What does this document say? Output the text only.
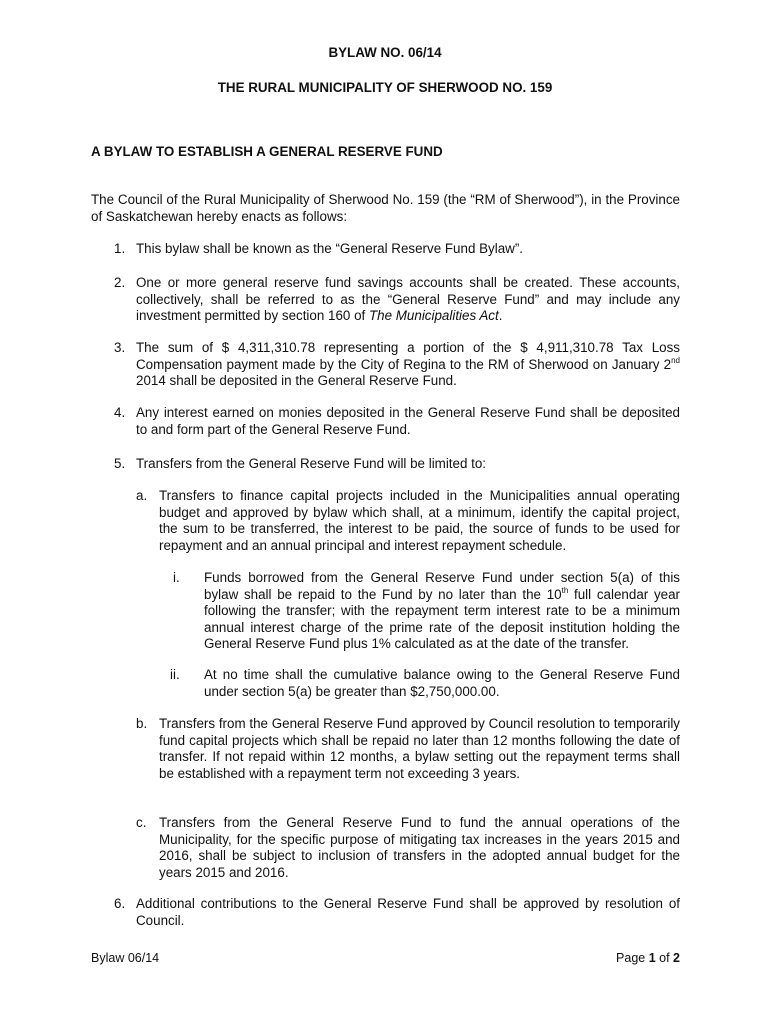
BYLAW NO. 06/14
THE RURAL MUNICIPALITY OF SHERWOOD NO. 159
A BYLAW TO ESTABLISH A GENERAL RESERVE FUND
The Council of the Rural Municipality of Sherwood No. 159 (the “RM of Sherwood”), in the Province of Saskatchewan hereby enacts as follows:
1. This bylaw shall be known as the “General Reserve Fund Bylaw”.
2. One or more general reserve fund savings accounts shall be created. These accounts, collectively, shall be referred to as the “General Reserve Fund” and may include any investment permitted by section 160 of The Municipalities Act.
3. The sum of $ 4,311,310.78 representing a portion of the $ 4,911,310.78 Tax Loss Compensation payment made by the City of Regina to the RM of Sherwood on January 2nd 2014 shall be deposited in the General Reserve Fund.
4. Any interest earned on monies deposited in the General Reserve Fund shall be deposited to and form part of the General Reserve Fund.
5. Transfers from the General Reserve Fund will be limited to:
a. Transfers to finance capital projects included in the Municipalities annual operating budget and approved by bylaw which shall, at a minimum, identify the capital project, the sum to be transferred, the interest to be paid, the source of funds to be used for repayment and an annual principal and interest repayment schedule.
i. Funds borrowed from the General Reserve Fund under section 5(a) of this bylaw shall be repaid to the Fund by no later than the 10th full calendar year following the transfer; with the repayment term interest rate to be a minimum annual interest charge of the prime rate of the deposit institution holding the General Reserve Fund plus 1% calculated as at the date of the transfer.
ii. At no time shall the cumulative balance owing to the General Reserve Fund under section 5(a) be greater than $2,750,000.00.
b. Transfers from the General Reserve Fund approved by Council resolution to temporarily fund capital projects which shall be repaid no later than 12 months following the date of transfer. If not repaid within 12 months, a bylaw setting out the repayment terms shall be established with a repayment term not exceeding 3 years.
c. Transfers from the General Reserve Fund to fund the annual operations of the Municipality, for the specific purpose of mitigating tax increases in the years 2015 and 2016, shall be subject to inclusion of transfers in the adopted annual budget for the years 2015 and 2016.
6. Additional contributions to the General Reserve Fund shall be approved by resolution of Council.
Bylaw 06/14	Page 1 of 2
